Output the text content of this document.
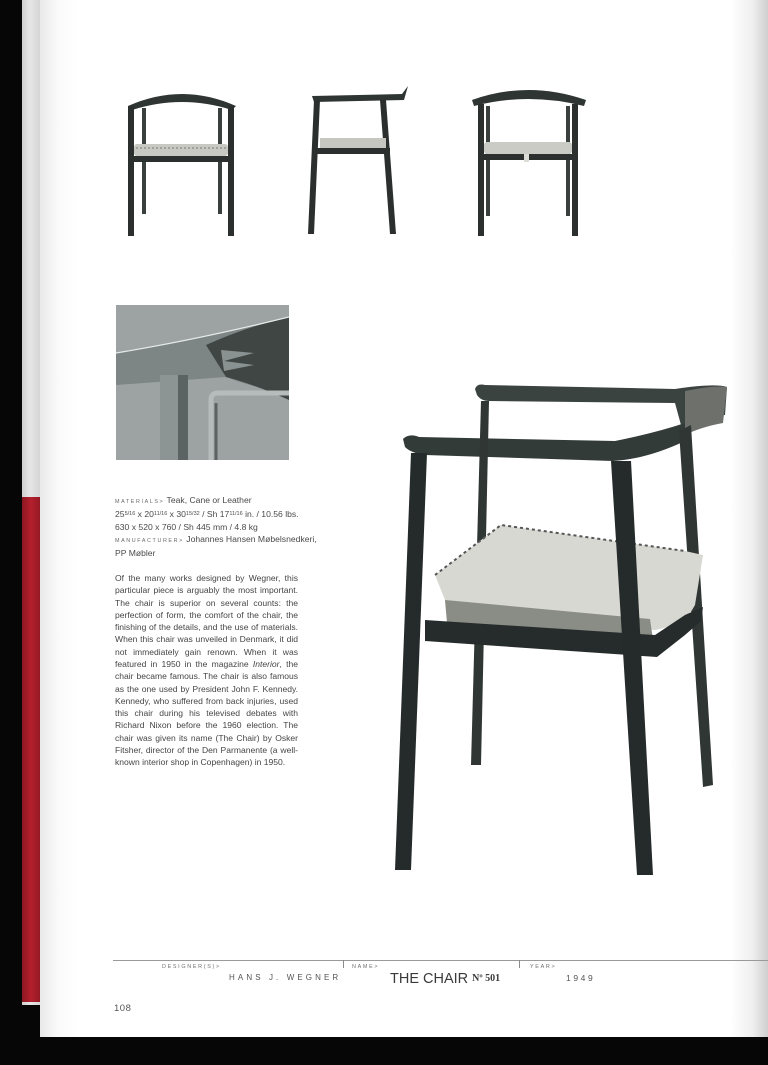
MATERIALS> Teak, Cane or Leather
$25^{5/16}$ x $20^{11/16}$ x $30^{15/32}$ / Sh $17^{11/16}$ in. / 10.56 lbs.
630 x 520 x 760 / Sh 445 mm / 4.8 kg
MANUFACTURER> Johannes Hansen Møbelsnedkeri,
PP Møbler

Of the many works designed by Wegner, this particular piece is arguably the most important. The chair is superior on several counts: the perfection of form, the comfort of the chair, the finishing of the details, and the use of materials. When this chair was unveiled in Denmark, it did not immediately gain renown. When it was featured in 1950 in the magazine Interior, the chair became famous. The chair is also famous as the one used by President John F. Kennedy. Kennedy, who suffered from back injuries, used this chair during his televised debates with Richard Nixon before the 1960 election. The chair was given its name (The Chair) by Osker Fitsher, director of the Den Parmanente (a well-known interior shop in Copenhagen) in 1950.

DESIGNER(S)>
HANS J. WEGNER
NAME>
THE CHAIR Nº 501
YEAR>
1949
108
